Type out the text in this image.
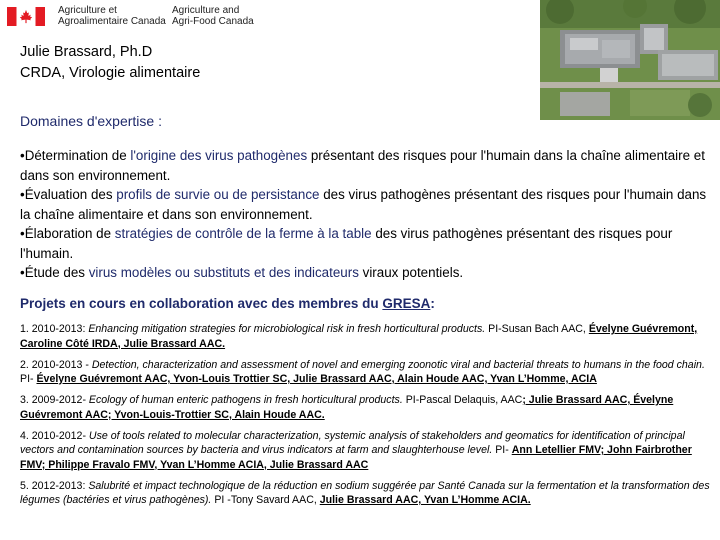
Agriculture et
Agroalimentaire Canada
Agriculture and
Agri-Food Canada
Julie Brassard, Ph.D
CRDA, Virologie alimentaire
Domaines d'expertise :

•Détermination de l'origine des virus pathogènes présentant des risques pour l'humain dans la chaîne alimentaire et dans son environnement.

•Évaluation des profils de survie ou de persistance des virus pathogènes présentant des risques pour l'humain dans la chaîne alimentaire et dans son environnement.

•Élaboration de stratégies de contrôle de la ferme à la table des virus pathogènes présentant des risques pour l'humain.

•Étude des virus modèles ou substituts et des indicateurs viraux potentiels.

Projets en cours en collaboration avec des membres du GRESA:

1. 2010-2013: Enhancing mitigation strategies for microbiological risk in fresh horticultural products. PI-Susan Bach AAC, Évelyne Guévremont, Caroline Côté IRDA, Julie Brassard AAC.

2. 2010-2013 - Detection, characterization and assessment of novel and emerging zoonotic viral and bacterial threats to humans in the food chain. PI- Évelyne Guévremont AAC, Yvon-Louis Trottier SC, Julie Brassard AAC, Alain Houde AAC, Yvan L’Homme, ACIA

3. 2009-2012- Ecology of human enteric pathogens in fresh horticultural products. PI-Pascal Delaquis, AAC; Julie Brassard AAC, Évelyne Guévremont AAC; Yvon-Louis-Trottier SC, Alain Houde AAC.

4. 2010-2012- Use of tools related to molecular characterization, systemic analysis of stakeholders and geomatics for identification of principal vectors and contamination sources by bacteria and virus indicators at farm and slaughterhouse level. PI- Ann Letellier FMV; John Fairbrother FMV; Philippe Fravalo FMV, Yvan L’Homme ACIA, Julie Brassard AAC

5. 2012-2013: Salubrité et impact technologique de la réduction en sodium suggérée par Santé Canada sur la fermentation et la transformation des légumes (bactéries et virus pathogènes). PI -Tony Savard AAC, Julie Brassard AAC, Yvan L’Homme ACIA.
